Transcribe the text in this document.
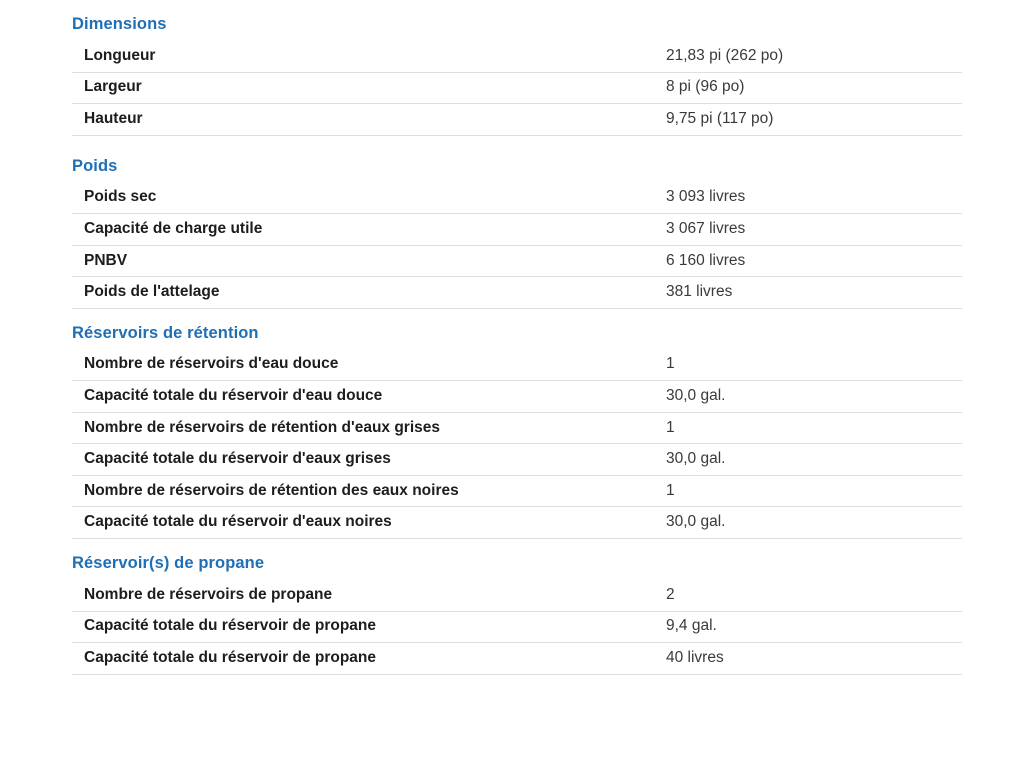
Dimensions
Longueur	21,83 pi (262 po)
Largeur	8 pi (96 po)
Hauteur	9,75 pi (117 po)
Poids
Poids sec	3 093 livres
Capacité de charge utile	3 067 livres
PNBV	6 160 livres
Poids de l'attelage	381 livres
Réservoirs de rétention
Nombre de réservoirs d'eau douce	1
Capacité totale du réservoir d'eau douce	30,0 gal.
Nombre de réservoirs de rétention d'eaux grises	1
Capacité totale du réservoir d'eaux grises	30,0 gal.
Nombre de réservoirs de rétention des eaux noires	1
Capacité totale du réservoir d'eaux noires	30,0 gal.
Réservoir(s) de propane
Nombre de réservoirs de propane	2
Capacité totale du réservoir de propane	9,4 gal.
Capacité totale du réservoir de propane	40 livres
